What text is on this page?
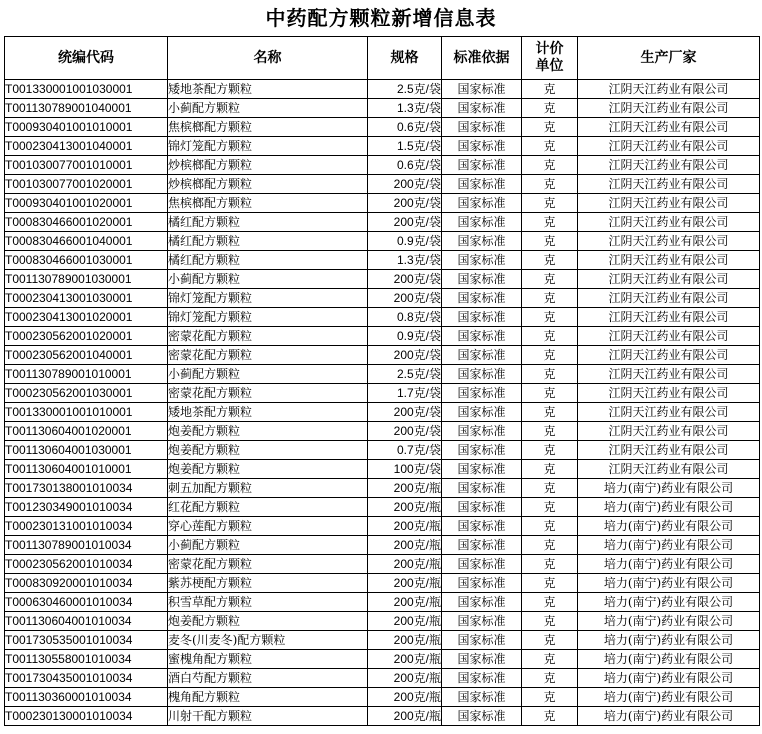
中药配方颗粒新增信息表
统编代码	名称	规格	标准依据	计价单位	生产厂家
T001330001001030001	矮地茶配方颗粒	2.5克/袋	国家标准	克	江阴天江药业有限公司
T001130789001040001	小蓟配方颗粒	1.3克/袋	国家标准	克	江阴天江药业有限公司
T000930401001010001	焦槟榔配方颗粒	0.6克/袋	国家标准	克	江阴天江药业有限公司
T000230413001040001	锦灯笼配方颗粒	1.5克/袋	国家标准	克	江阴天江药业有限公司
T001030077001010001	炒槟榔配方颗粒	0.6克/袋	国家标准	克	江阴天江药业有限公司
T001030077001020001	炒槟榔配方颗粒	200克/袋	国家标准	克	江阴天江药业有限公司
T000930401001020001	焦槟榔配方颗粒	200克/袋	国家标准	克	江阴天江药业有限公司
T000830466001020001	橘红配方颗粒	200克/袋	国家标准	克	江阴天江药业有限公司
T000830466001040001	橘红配方颗粒	0.9克/袋	国家标准	克	江阴天江药业有限公司
T000830466001030001	橘红配方颗粒	1.3克/袋	国家标准	克	江阴天江药业有限公司
T001130789001030001	小蓟配方颗粒	200克/袋	国家标准	克	江阴天江药业有限公司
T000230413001030001	锦灯笼配方颗粒	200克/袋	国家标准	克	江阴天江药业有限公司
T000230413001020001	锦灯笼配方颗粒	0.8克/袋	国家标准	克	江阴天江药业有限公司
T000230562001020001	密蒙花配方颗粒	0.9克/袋	国家标准	克	江阴天江药业有限公司
T000230562001040001	密蒙花配方颗粒	200克/袋	国家标准	克	江阴天江药业有限公司
T001130789001010001	小蓟配方颗粒	2.5克/袋	国家标准	克	江阴天江药业有限公司
T000230562001030001	密蒙花配方颗粒	1.7克/袋	国家标准	克	江阴天江药业有限公司
T001330001001010001	矮地茶配方颗粒	200克/袋	国家标准	克	江阴天江药业有限公司
T001130604001020001	炮姜配方颗粒	200克/袋	国家标准	克	江阴天江药业有限公司
T001130604001030001	炮姜配方颗粒	0.7克/袋	国家标准	克	江阴天江药业有限公司
T001130604001010001	炮姜配方颗粒	100克/袋	国家标准	克	江阴天江药业有限公司
T001730138001010034	刺五加配方颗粒	200克/瓶	国家标准	克	培力(南宁)药业有限公司
T001230349001010034	红花配方颗粒	200克/瓶	国家标准	克	培力(南宁)药业有限公司
T000230131001010034	穿心莲配方颗粒	200克/瓶	国家标准	克	培力(南宁)药业有限公司
T001130789001010034	小蓟配方颗粒	200克/瓶	国家标准	克	培力(南宁)药业有限公司
T000230562001010034	密蒙花配方颗粒	200克/瓶	国家标准	克	培力(南宁)药业有限公司
T000830920001010034	紫苏梗配方颗粒	200克/瓶	国家标准	克	培力(南宁)药业有限公司
T000630460001010034	积雪草配方颗粒	200克/瓶	国家标准	克	培力(南宁)药业有限公司
T001130604001010034	炮姜配方颗粒	200克/瓶	国家标准	克	培力(南宁)药业有限公司
T001730535001010034	麦冬(川麦冬)配方颗粒	200克/瓶	国家标准	克	培力(南宁)药业有限公司
T001130558001010034	蜜槐角配方颗粒	200克/瓶	国家标准	克	培力(南宁)药业有限公司
T001730435001010034	酒白芍配方颗粒	200克/瓶	国家标准	克	培力(南宁)药业有限公司
T001130360001010034	槐角配方颗粒	200克/瓶	国家标准	克	培力(南宁)药业有限公司
T000230130001010034	川射干配方颗粒	200克/瓶	国家标准	克	培力(南宁)药业有限公司
